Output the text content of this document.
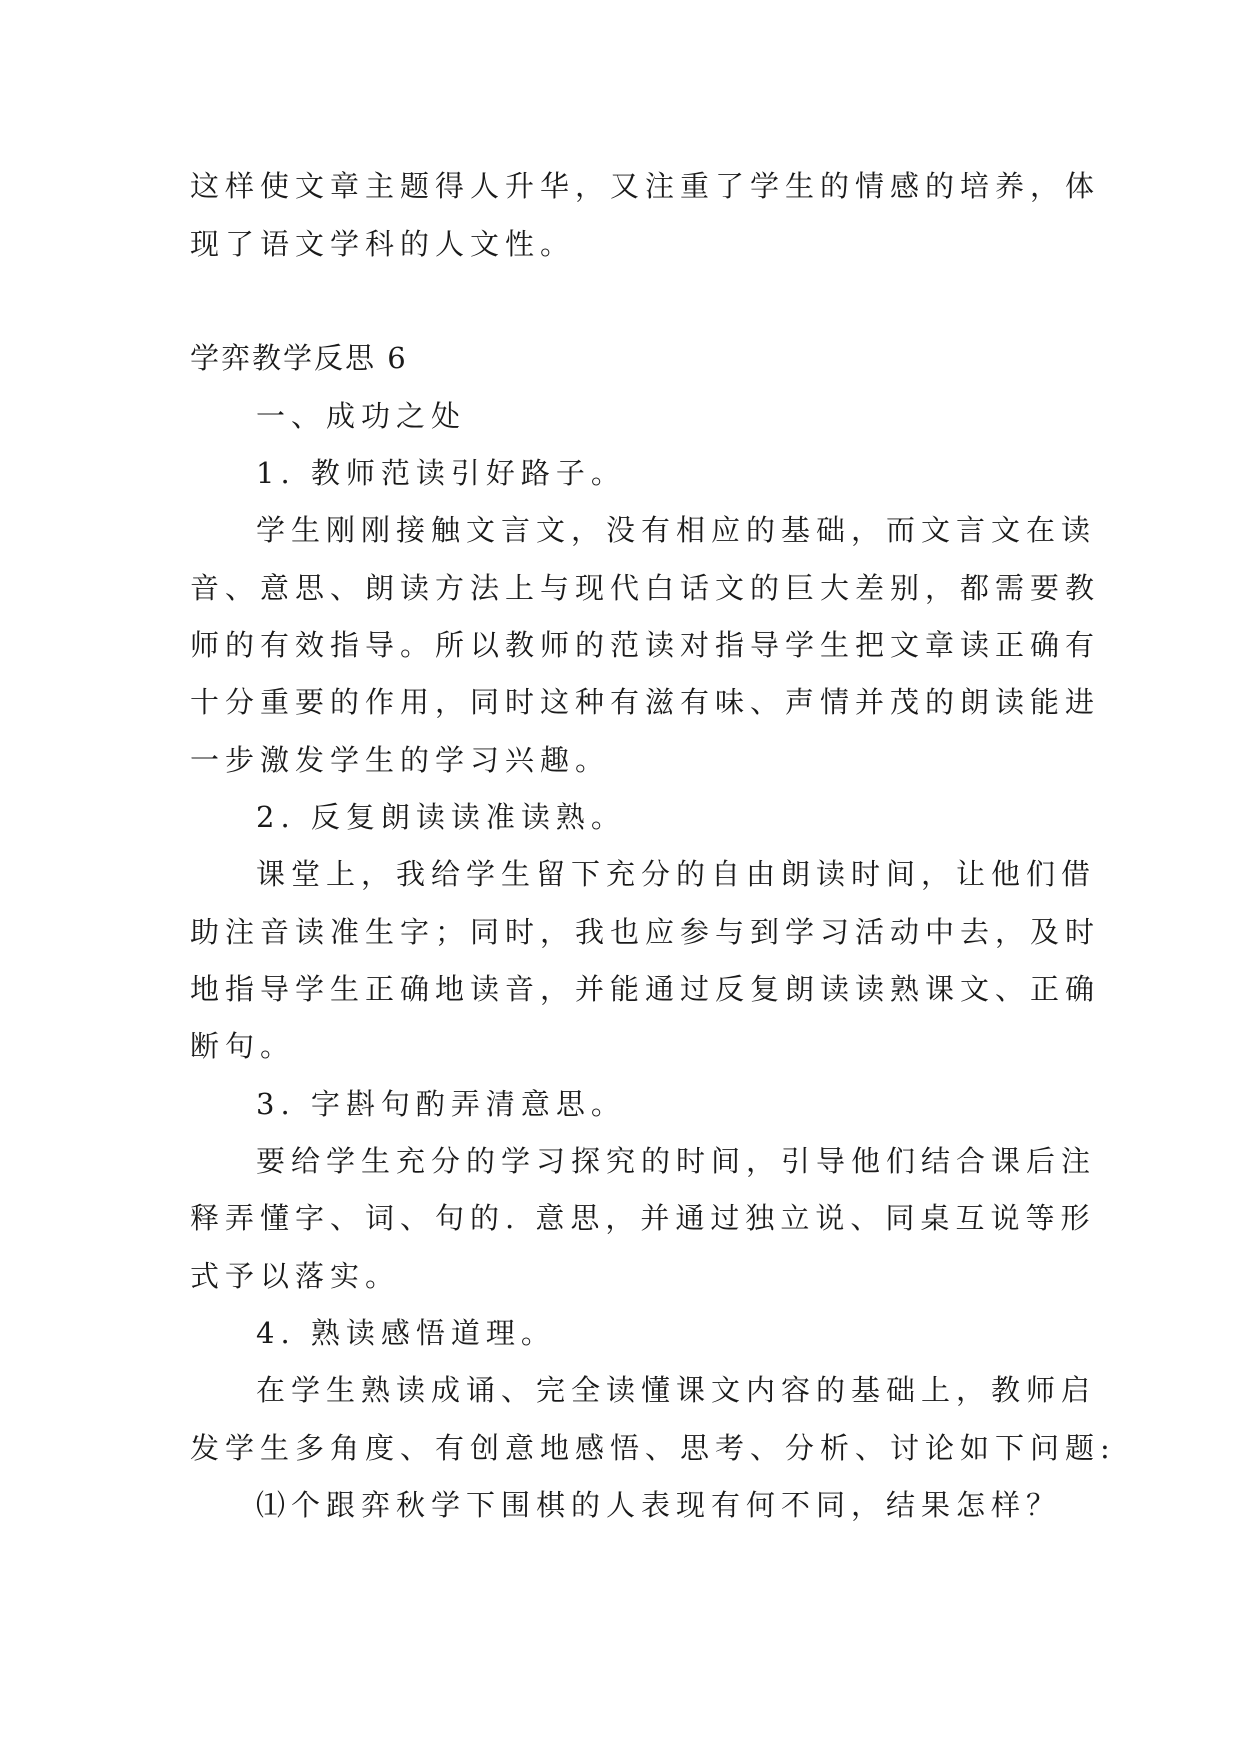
这样使文章主题得人升华，又注重了学生的情感的培养，体
现了语文学科的人文性。
学弈教学反思 6
一、成功之处
1. 教师范读引好路子。
学生刚刚接触文言文，没有相应的基础，而文言文在读
音、意思、朗读方法上与现代白话文的巨大差别，都需要教
师的有效指导。所以教师的范读对指导学生把文章读正确有
十分重要的作用，同时这种有滋有味、声情并茂的朗读能进
一步激发学生的学习兴趣。
2. 反复朗读读准读熟。
课堂上，我给学生留下充分的自由朗读时间，让他们借
助注音读准生字；同时，我也应参与到学习活动中去，及时
地指导学生正确地读音，并能通过反复朗读读熟课文、正确
断句。
3. 字斟句酌弄清意思。
要给学生充分的学习探究的时间，引导他们结合课后注
释弄懂字、词、句的. 意思，并通过独立说、同桌互说等形
式予以落实。
4. 熟读感悟道理。
在学生熟读成诵、完全读懂课文内容的基础上，教师启
发学生多角度、有创意地感悟、思考、分析、讨论如下问题:
⑴个跟弈秋学下围棋的人表现有何不同，结果怎样？
